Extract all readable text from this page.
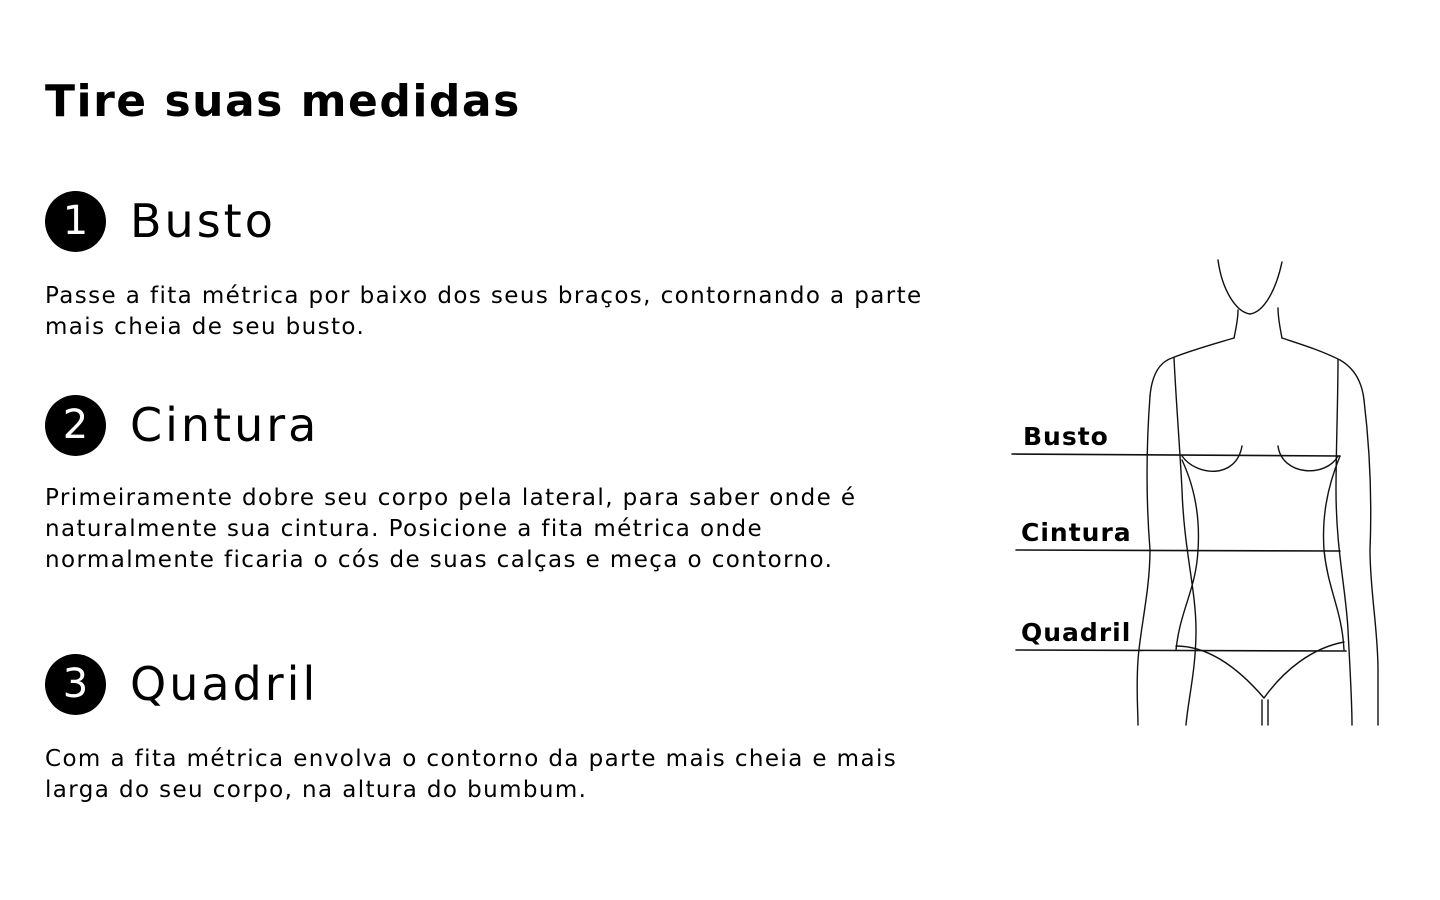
Tire suas medidas
1 Busto

Passe a fita métrica por baixo dos seus braços, contornando a parte mais cheia de seu busto.

2 Cintura

Primeiramente dobre seu corpo pela lateral, para saber onde é naturalmente sua cintura. Posicione a fita métrica onde normalmente ficaria o cós de suas calças e meça o contorno.

3 Quadril

Com a fita métrica envolva o contorno da parte mais cheia e mais larga do seu corpo, na altura do bumbum.

Busto
Cintura
Quadril
